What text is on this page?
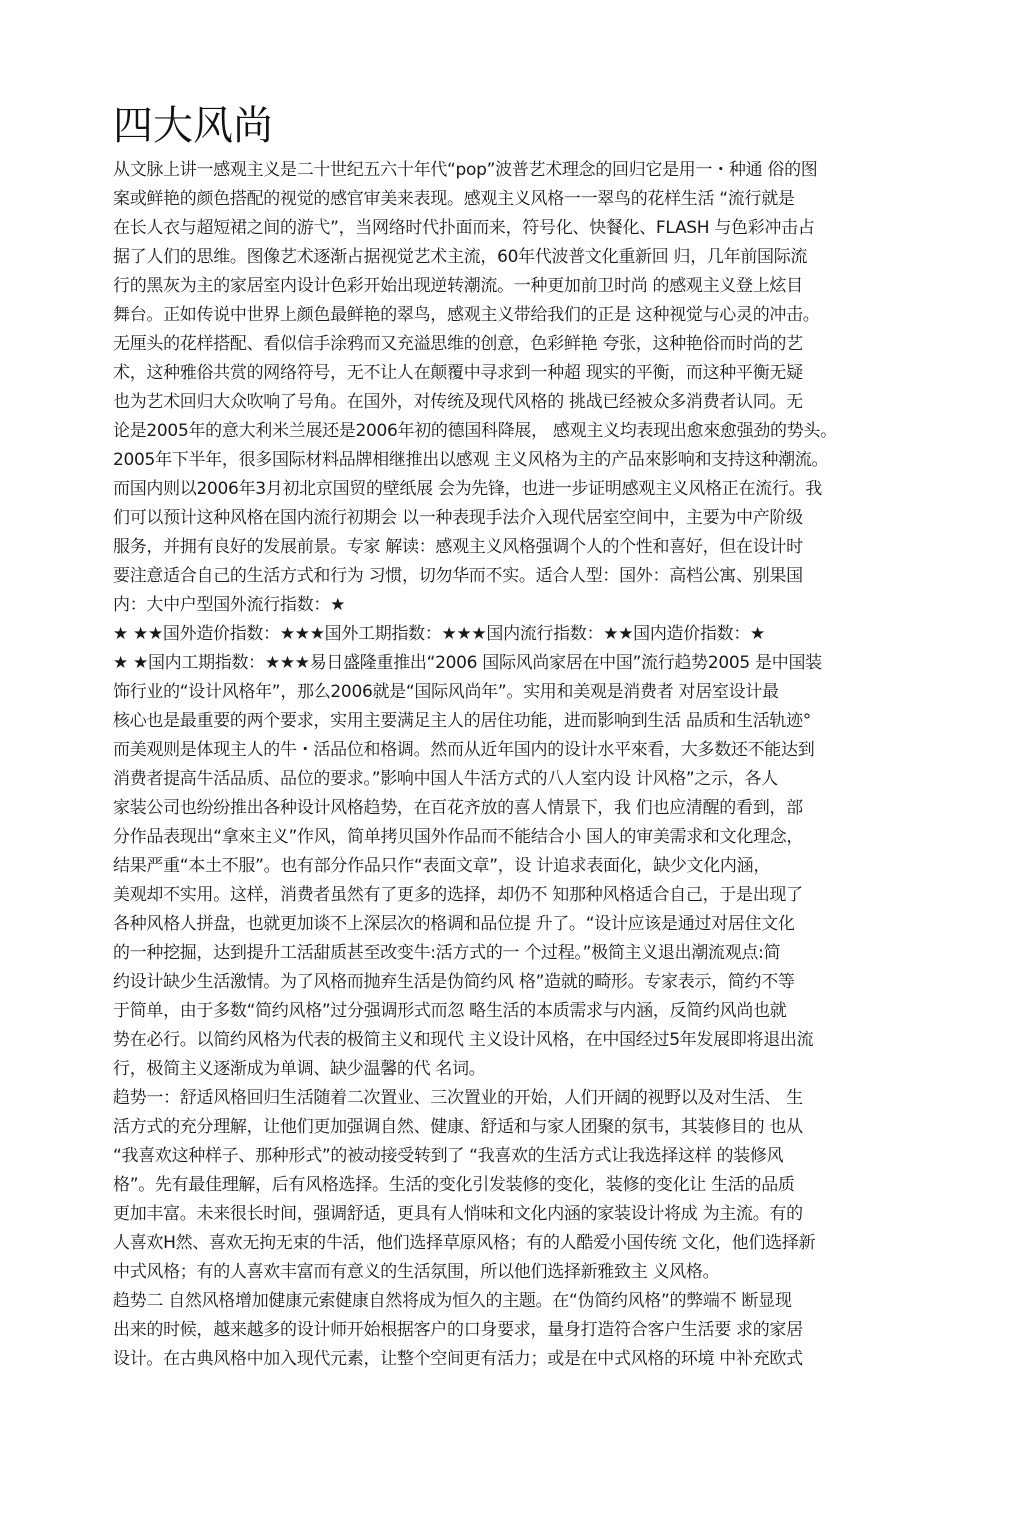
四大风尚
从文脉上讲一感观主义是二十世纪五六十年代“pop”波普艺术理念的回归它是用一・种通 俗的图
案或鲜艳的颜色搭配的视觉的感官审美来表现。感观主义风格一一翠鸟的花样生活 “流行就是
在长人衣与超短裙之间的游弋”，当网络时代扑面而来，符号化、快餐化、FLASH 与色彩冲击占
据了人们的思维。图像艺术逐渐占据视觉艺术主流，60年代波普文化重新回 归，几年前国际流
行的黑灰为主的家居室内设计色彩开始出现逆转潮流。一种更加前卫时尚 的感观主义登上炫目
舞台。正如传说中世界上颜色最鲜艳的翠鸟，感观主义带给我们的正是 这种视觉与心灵的冲击。
无厘头的花样搭配、看似信手涂鸦而又充溢思维的创意，色彩鲜艳 夸张，这种艳俗而时尚的艺
术，这种雅俗共赏的网络符号，无不让人在颠覆中寻求到一种超 现实的平衡，而这种平衡无疑
也为艺术回归大众吹响了号角。在国外，对传统及现代风格的 挑战已经被众多消费者认同。无
论是2005年的意大利米兰展还是2006年初的德国科降展， 感观主义均表现出愈來愈强劲的势头。
2005年下半年，很多国际材料品牌相继推出以感观 主义风格为主的产品來影响和支持这种潮流。
而国内则以2006年3月初北京国贸的壁纸展 会为先锋，也进一步证明感观主义风格正在流行。我
们可以预计这种风格在国内流行初期会 以一种表现手法介入现代居室空间中，主要为中产阶级
服务，并拥有良好的发展前景。专家 解读：感观主义风格强调个人的个性和喜好，但在设计时
要注意适合自己的生活方式和行为 习惯，切勿华而不实。适合人型：国外：高档公寓、别果国
内：大中户型国外流行指数：★
★ ★★国外造价指数：★★★国外工期指数：★★★国内流行指数：★★国内造价指数：★
★ ★国内工期指数：★★★易日盛隆重推出“2006 国际风尚家居在中国”流行趋势2005 是中国装
饰行业的“设计风格年”，那么2006就是“国际风尚年”。实用和美观是消费者 对居室设计最
核心也是最重要的两个要求，实用主要满足主人的居住功能，进而影响到生活 品质和生活轨迹°
而美观则是体现主人的牛・活品位和格调。然而从近年国内的设计水平來看，大多数还不能达到
消费者提高牛活品质、品位的要求。”影响中国人牛活方式的八人室内设 计风格”之示，各人
家装公司也纷纷推出各种设计风格趋势，在百花齐放的喜人情景下，我 们也应清醒的看到，部
分作品表现出“拿來主义”作风，简单拷贝国外作品而不能结合小 国人的审美需求和文化理念，
结果严重“本土不服”。也有部分作品只作“表面文章”，设 计追求表面化，缺少文化内涵，
美观却不实用。这样，消费者虽然有了更多的选择，却仍不 知那种风格适合自己，于是出现了
各种风格人拼盘，也就更加谈不上深层次的格调和品位提 升了。“设计应该是通过对居住文化
的一种挖掘，达到提升工活甜质甚至改变牛:活方式的一 个过程。”极简主义退出潮流观点:简
约设计缺少生活激情。为了风格而抛弃生活是伪简约风 格”造就的畸形。专家表示，简约不等
于简单，由于多数“简约风格”过分强调形式而忽 略生活的本质需求与内涵，反简约风尚也就
势在必行。以简约风格为代表的极简主义和现代 主义设计风格，在中国经过5年发展即将退出流
行，极简主义逐渐成为单调、缺少温馨的代 名词。
趋势一：舒适风格回归生活随着二次置业、三次置业的开始，人们开阔的视野以及对生活、 生
活方式的充分理解，让他们更加强调自然、健康、舒适和与家人团聚的氛韦，其装修目的 也从
“我喜欢这种样子、那种形式”的被动接受转到了 “我喜欢的生活方式让我选择这样 的装修风
格”。先有最佳理解，后有风格选择。生活的变化引发装修的变化，装修的变化让 生活的品质
更加丰富。未来很长时间，强调舒适，更具有人悄味和文化内涵的家装设计将成 为主流。有的
人喜欢H然、喜欢无拘无束的牛活，他们选择草原风格；有的人酷爱小国传统 文化，他们选择新
中式风格；有的人喜欢丰富而有意义的生活氛围，所以他们选择新雅致主 义风格。
趋势二 自然风格增加健康元索健康自然将成为恒久的主题。在“伪简约风格”的弊端不 断显现
出来的时候，越来越多的设计师开始根据客户的口身要求，量身打造符合客户生活要 求的家居
设计。在古典风格中加入现代元素，让整个空间更有活力；或是在中式风格的环境 中补充欧式
